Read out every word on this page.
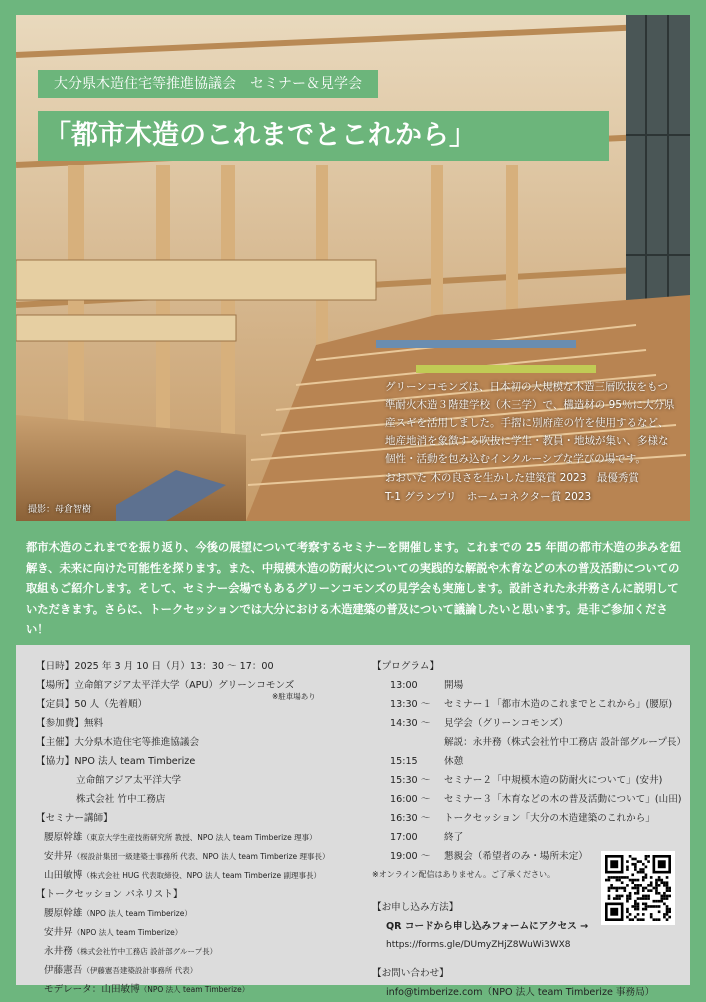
大分県木造住宅等推進協議会　セミナー＆見学会
「都市木造のこれまでとこれから」
グリーンコモンズは、日本初の大規模な木造三層吹抜をもつ準耐火木造３階建学校（木三学）で、構造材の 95％に大分県産スギを活用しました。手摺に別府産の竹を使用するなど、地産地消を象徴する吹抜に学生・教員・地域が集い、多様な個性・活動を包み込むインクルーシブな学びの場です。
おおいた 木の良さを生かした建築賞 2023　最優秀賞
T-1 グランプリ　ホームコネクター賞 2023
撮影：母倉智樹
都市木造のこれまでを振り返り、今後の展望について考察するセミナーを開催します。これまでの 25 年間の都市木造の歩みを紐解き、未来に向けた可能性を探ります。また、中規模木造の防耐火についての実践的な解説や木育などの木の普及活動についての取組もご紹介します。そして、セミナー会場でもあるグリーンコモンズの見学会も実施します。設計された永井務さんに説明していただきます。さらに、トークセッションでは大分における木造建築の普及について議論したいと思います。是非ご参加ください！
【日時】2025 年 3 月 10 日（月）13：30 ～ 17：00
【場所】立命館アジア太平洋大学（APU）グリーンコモンズ
【定員】50 人（先着順）
※駐車場あり
【参加費】無料
【主催】大分県木造住宅等推進協議会
【協力】NPO 法人 team Timberize
立命館アジア太平洋大学
株式会社 竹中工務店
【セミナー講師】
腰原幹雄（東京大学生産技術研究所 教授、NPO 法人 team Timberize 理事）
安井昇（桜設計集団一級建築士事務所 代表、NPO 法人 team Timberize 理事長）
山田敏博（株式会社 HUG 代表取締役、NPO 法人 team Timberize 副理事長）
【トークセッション パネリスト】
腰原幹雄（NPO 法人 team Timberize）
安井昇（NPO 法人 team Timberize）
永井務（株式会社竹中工務店 設計部グループ長）
伊藤憲吾（伊藤憲吾建築設計事務所 代表）
モデレータ：山田敏博（NPO 法人 team Timberize）
【プログラム】
13:00	開場
13:30 ～ セミナー１「都市木造のこれまでとこれから」(腰原)
14:30 ～ 見学会（グリーンコモンズ）
解説：永井務（株式会社竹中工務店 設計部グループ長）
15:15	休憩
15:30 ～ セミナー２「中規模木造の防耐火について」(安井)
16:00 ～ セミナー３「木育などの木の普及活動について」(山田)
16:30 ～ トークセッション「大分の木造建築のこれから」
17:00	終了
19:00 ～ 懇親会（希望者のみ・場所未定）
※オンライン配信はありません。ご了承ください。
【お申し込み方法】
QR コードから申し込みフォームにアクセス →
https://forms.gle/DUmyZHjZ8WuWi3WX8
【お問い合わせ】
info@timberize.com（NPO 法人 team Timberize 事務局）
